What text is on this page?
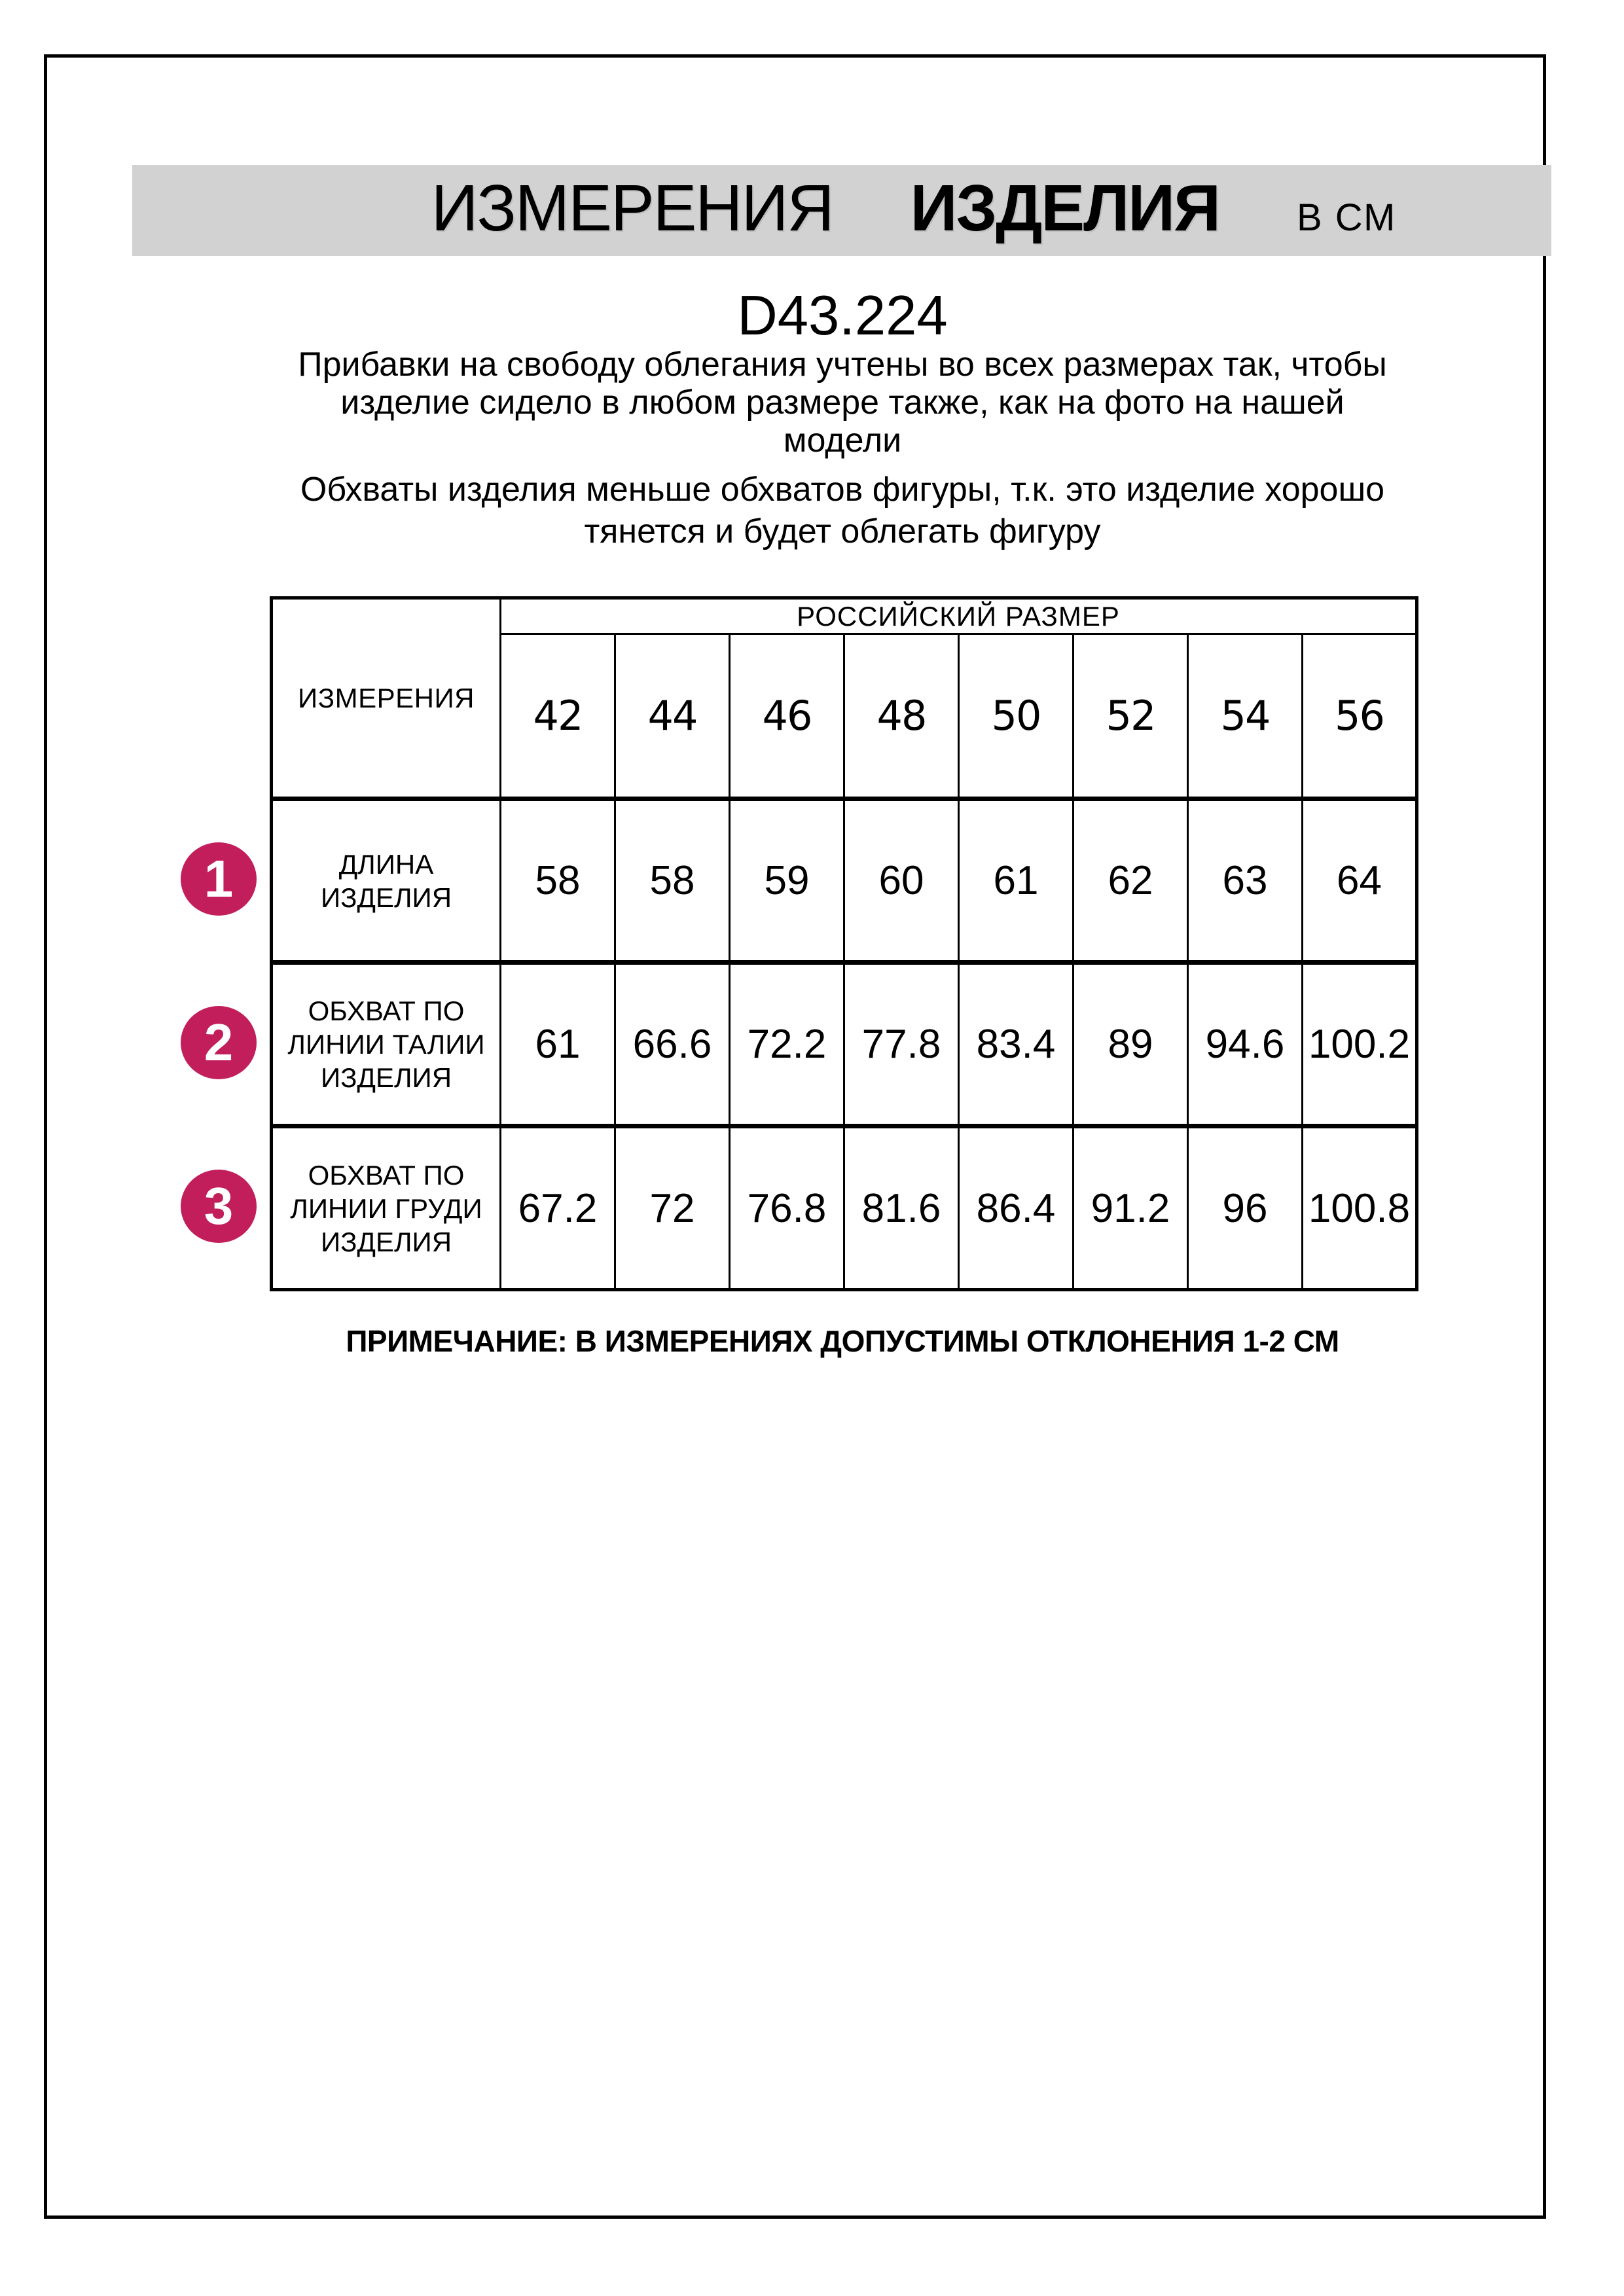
ИЗМЕРЕНИЯ ИЗДЕЛИЯ В СМ
D43.224
Прибавки на свободу облегания учтены во всех размерах так, чтобы
изделие сидело в любом размере также, как на фото на нашей
модели
Обхваты изделия меньше обхватов фигуры, т.к. это изделие хорошо
тянется и будет облегать фигуру
ИЗМЕРЕНИЯ	РОССИЙСКИЙ РАЗМЕР							
	42	44	46	48	50	52	54	56

ДЛИНА
ИЗДЕЛИЯ	58	58	59	60	61	62	63	64

ОБХВАТ ПО
ЛИНИИ ТАЛИИ
ИЗДЕЛИЯ	61	66.6	72.2	77.8	83.4	89	94.6	100.2

ОБХВАТ ПО
ЛИНИИ ГРУДИ
ИЗДЕЛИЯ	67.2	72	76.8	81.6	86.4	91.2	96	100.8
1
2
3
ПРИМЕЧАНИЕ: В ИЗМЕРЕНИЯХ ДОПУСТИМЫ ОТКЛОНЕНИЯ 1-2 СМ
